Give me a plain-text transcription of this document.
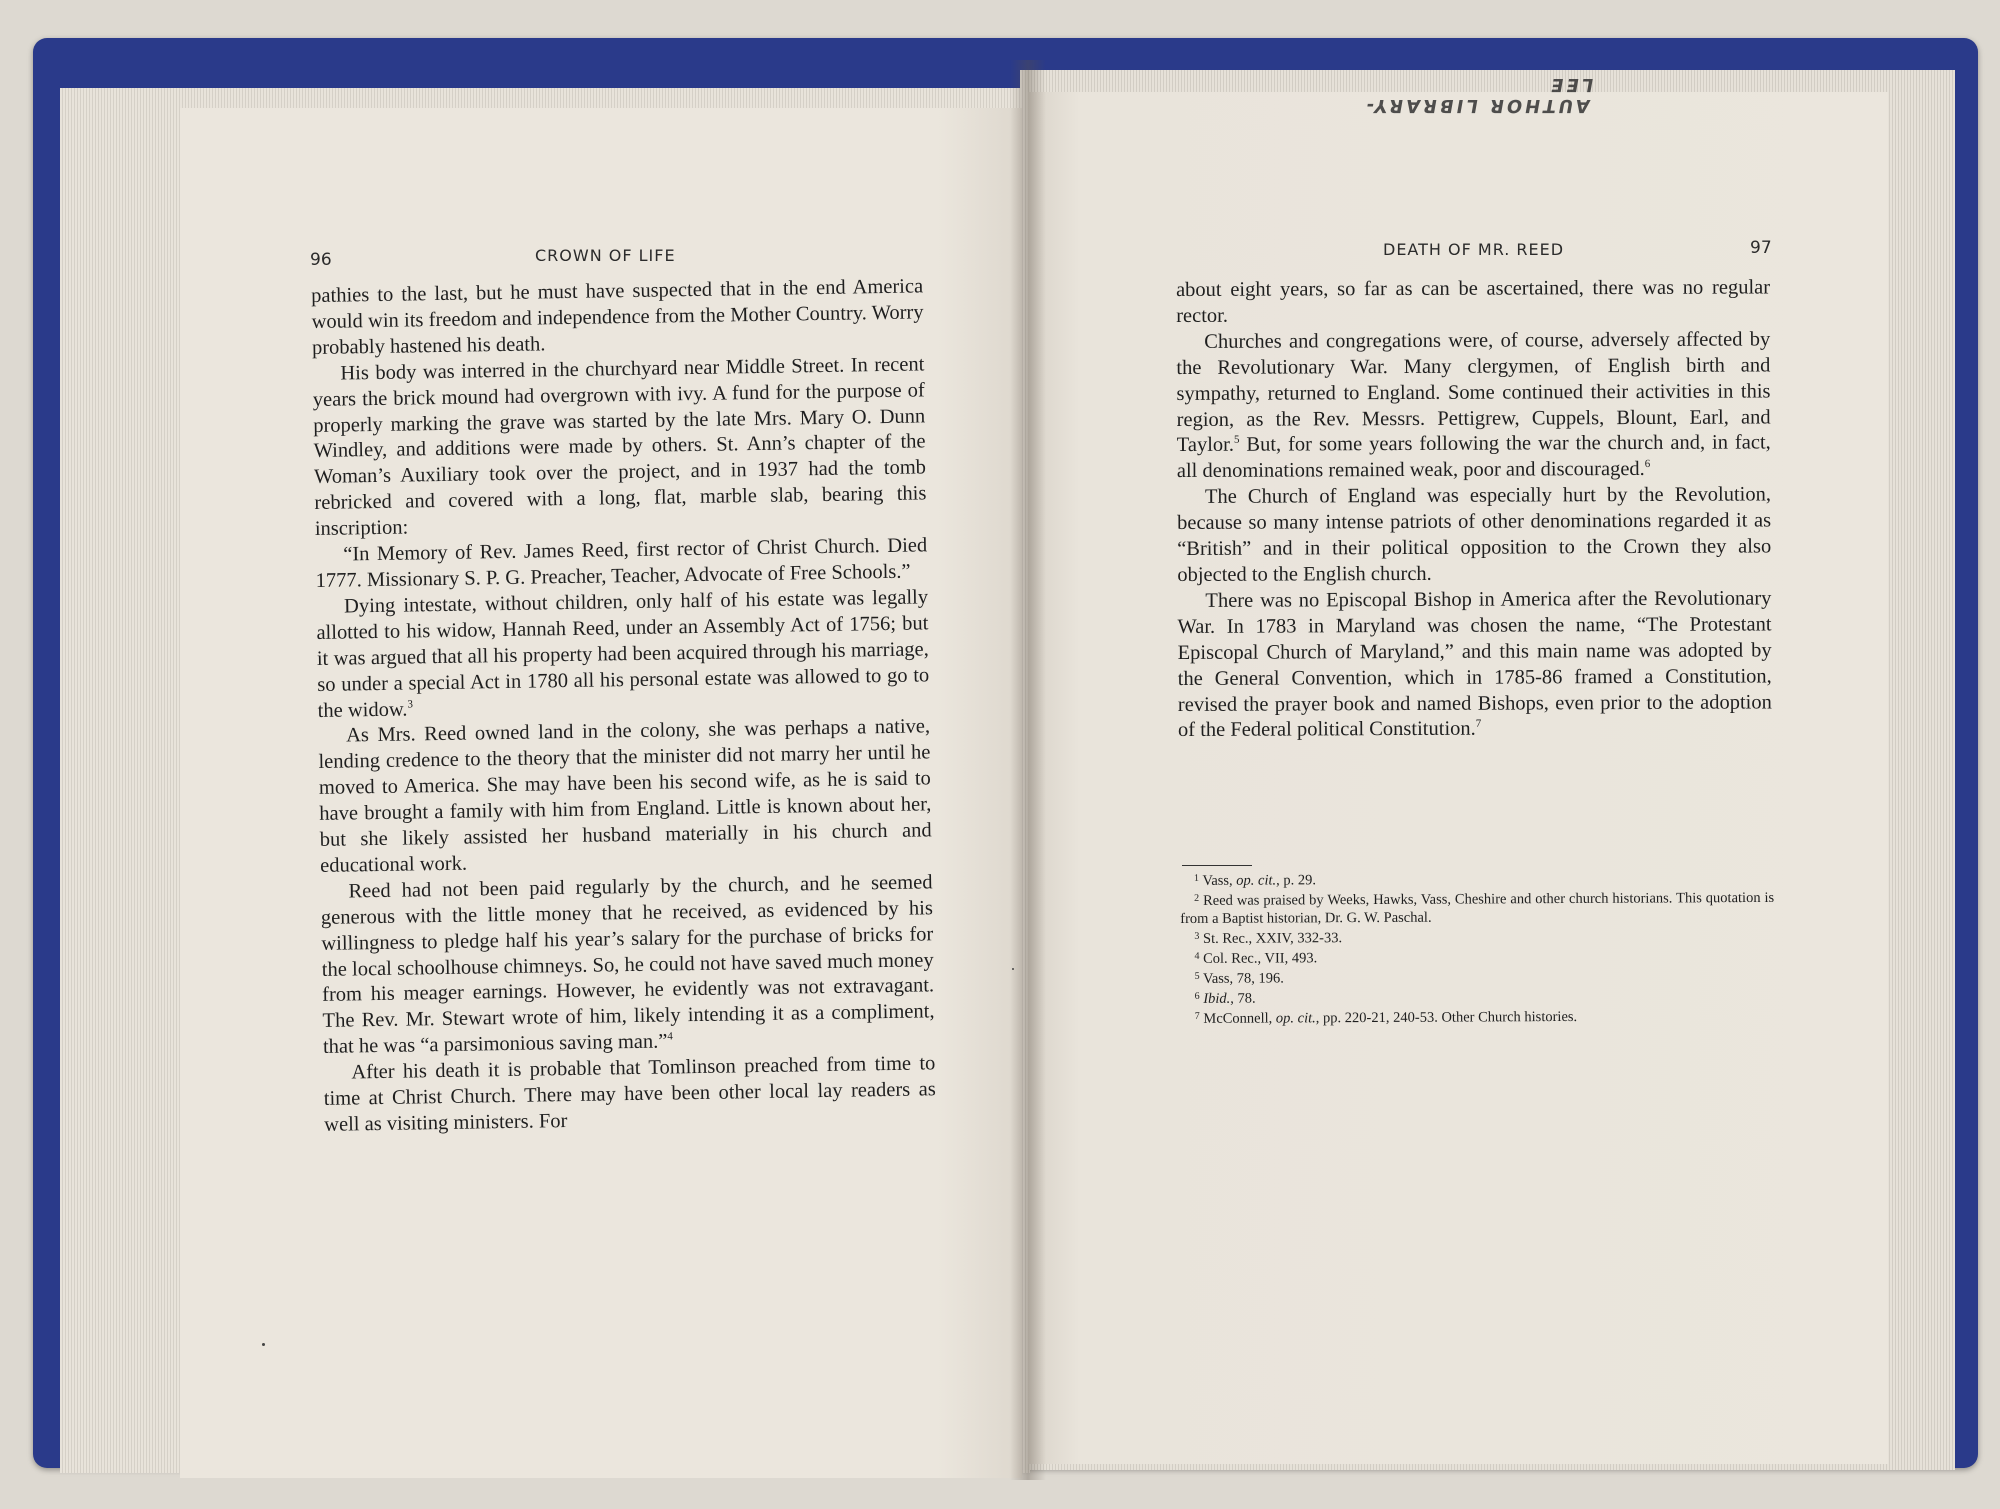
AUTHOR LIBRARY-LEE
96	CROWN OF LIFE	DEATH OF MR. REED	97

pathies to the last, but he must have suspected that in the end America would win its freedom and independence from the Mother Country. Worry probably hastened his death.

His body was interred in the churchyard near Middle Street. In recent years the brick mound had overgrown with ivy. A fund for the purpose of properly marking the grave was started by the late Mrs. Mary O. Dunn Windley, and additions were made by others. St. Ann’s chapter of the Woman’s Auxiliary took over the project, and in 1937 had the tomb rebricked and covered with a long, flat, marble slab, bearing this inscription:

“In Memory of Rev. James Reed, first rector of Christ Church. Died 1777. Missionary S. P. G. Preacher, Teacher, Advocate of Free Schools.”

Dying intestate, without children, only half of his estate was legally allotted to his widow, Hannah Reed, under an Assembly Act of 1756; but it was argued that all his property had been acquired through his marriage, so under a special Act in 1780 all his personal estate was allowed to go to the widow.$^3$

As Mrs. Reed owned land in the colony, she was perhaps a native, lending credence to the theory that the minister did not marry her until he moved to America. She may have been his second wife, as he is said to have brought a family with him from England. Little is known about her, but she likely assisted her husband materially in his church and educational work.

Reed had not been paid regularly by the church, and he seemed generous with the little money that he received, as evidenced by his willingness to pledge half his year’s salary for the purchase of bricks for the local schoolhouse chimneys. So, he could not have saved much money from his meager earnings. However, he evidently was not extravagant. The Rev. Mr. Stewart wrote of him, likely intending it as a compliment, that he was “a parsimonious saving man.”$^4$

After his death it is probable that Tomlinson preached from time to time at Christ Church. There may have been other local lay readers as well as visiting ministers. For

about eight years, so far as can be ascertained, there was no regular rector.

Churches and congregations were, of course, adversely affected by the Revolutionary War. Many clergymen, of English birth and sympathy, returned to England. Some continued their activities in this region, as the Rev. Messrs. Pettigrew, Cuppels, Blount, Earl, and Taylor.$^5$ But, for some years following the war the church and, in fact, all denominations remained weak, poor and discouraged.$^6$

The Church of England was especially hurt by the Revolution, because so many intense patriots of other denominations regarded it as “British” and in their political opposition to the Crown they also objected to the English church.

There was no Episcopal Bishop in America after the Revolutionary War. In 1783 in Maryland was chosen the name, “The Protestant Episcopal Church of Maryland,” and this main name was adopted by the General Convention, which in 1785-86 framed a Constitution, revised the prayer book and named Bishops, even prior to the adoption of the Federal political Constitution.$^7$

$^1$ Vass, op. cit., p. 29.

$^2$ Reed was praised by Weeks, Hawks, Vass, Cheshire and other church historians. This quotation is from a Baptist historian, Dr. G. W. Paschal.

$^3$ St. Rec., XXIV, 332-33.

$^4$ Col. Rec., VII, 493.

$^5$ Vass, 78, 196.

$^6$ Ibid., 78.

$^7$ McConnell, op. cit., pp. 220-21, 240-53. Other Church histories.
